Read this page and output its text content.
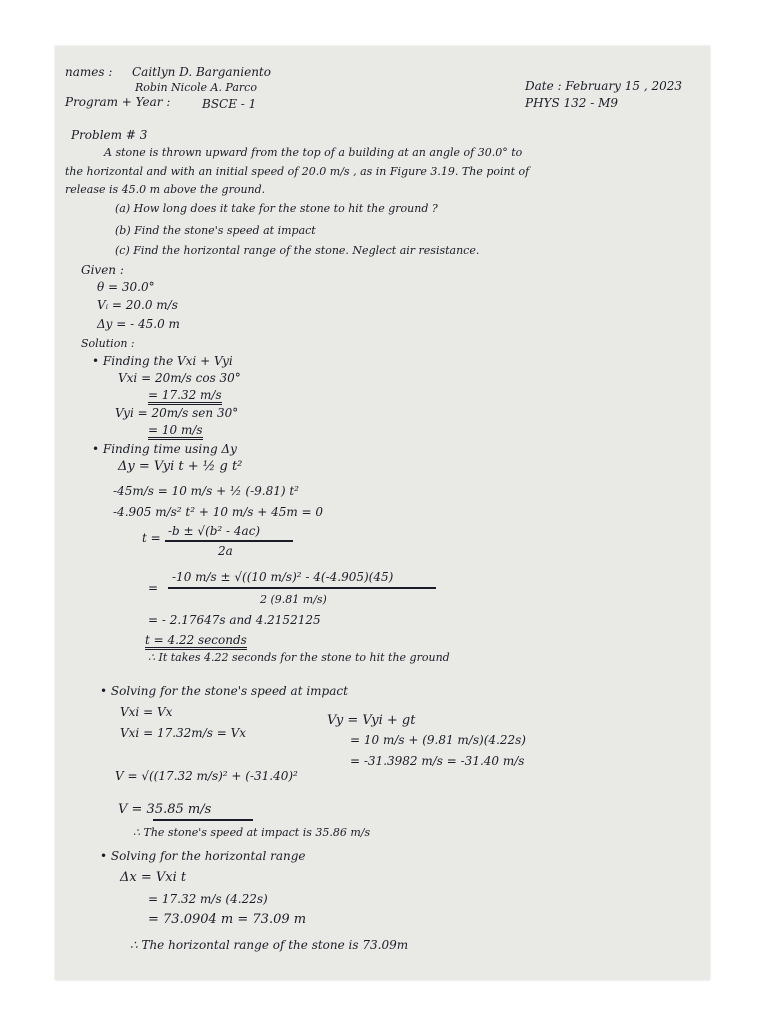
names : Caitlyn D. Barganiento
Robin Nicole A. Parco
Program + Year :	BSCE - 1
Date : February 15 , 2023
PHYS 132 - M9
Problem # 3
A stone is thrown upward from the top of a building at an angle of 30.0° to
the horizontal and with an initial speed of 20.0 m/s , as in Figure 3.19. The point of
release is 45.0 m above the ground.
(a) How long does it take for the stone to hit the ground ?
(b) Find the stone's speed at impact
(c) Find the horizontal range of the stone. Neglect air resistance.
Given :
θ = 30.0°
Vᵢ = 20.0 m/s
Δy = - 45.0 m
Solution :
• Finding the Vxi + Vyi
Vxi = 20m/s cos 30°
= 17.32 m/s
Vyi = 20m/s sen 30°
= 10 m/s
• Finding time using Δy
Δy = Vyi t + ½ g t²
-45m/s = 10 m/s + ½ (-9.81) t²
-4.905 m/s² t² + 10 m/s + 45m = 0
t = -b ± √(b² - 4ac)
2a
=
-10 m/s ± √((10 m/s)² - 4(-4.905)(45)
2 (9.81 m/s)
= - 2.17647s and 4.2152125
t = 4.22 seconds
∴ It takes 4.22 seconds for the stone to hit the ground
• Solving for the stone's speed at impact
Vxi = Vx
Vxi = 17.32m/s = Vx
Vy = Vyi + gt
= 10 m/s + (9.81 m/s)(4.22s)
= -31.3982 m/s = -31.40 m/s
V = √((17.32 m/s)² + (-31.40)²
V = 35.85 m/s
∴ The stone's speed at impact is 35.86 m/s
• Solving for the horizontal range
Δx = Vxi t
= 17.32 m/s (4.22s)
= 73.0904 m = 73.09 m
∴ The horizontal range of the stone is 73.09m
